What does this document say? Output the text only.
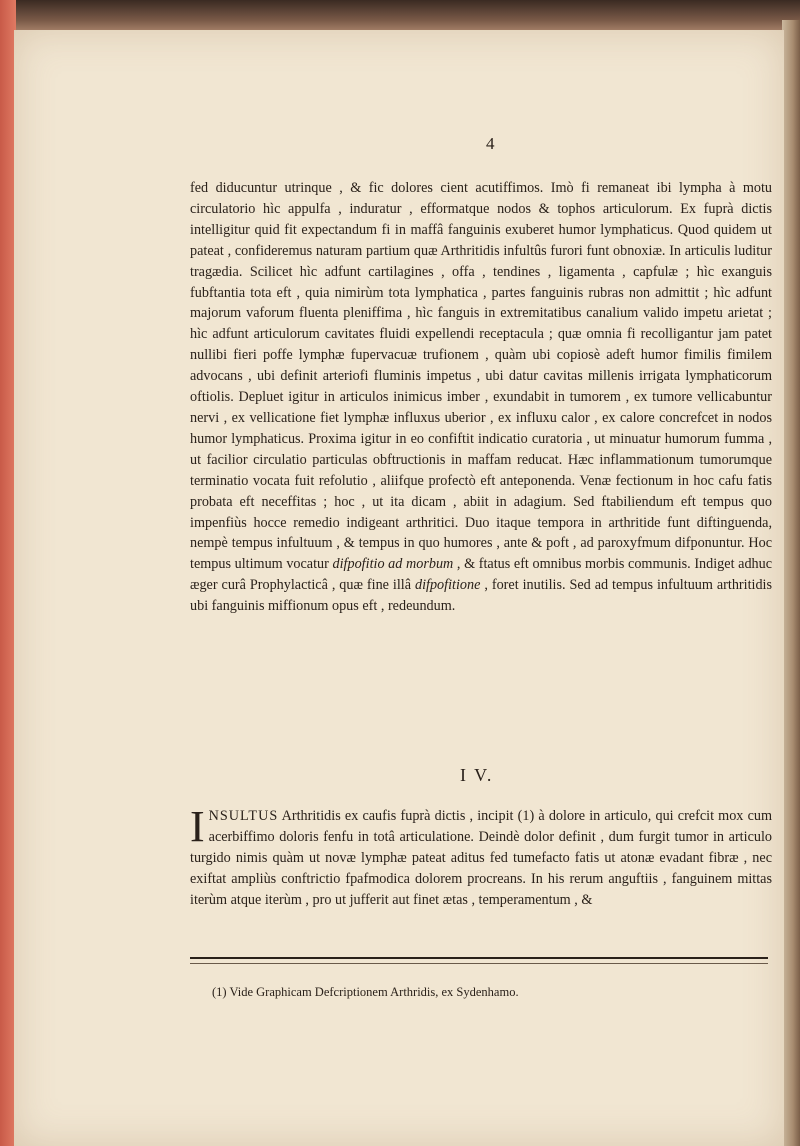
4
fed diducuntur utrinque , & fic dolores cient acutiffimos. Imò fi remaneat ibi lympha à motu circulatorio hìc appulfa , induratur , efformatque nodos & tophos articulorum. Ex fuprà dictis intelligitur quid fit expectandum fi in maffâ fanguinis exuberet humor lymphaticus. Quod quidem ut pateat , confideremus naturam partium quæ Arthritidis infultûs furori funt obnoxiæ. In articulis luditur tragædia. Scilicet hìc adfunt cartilagines , offa , tendines , ligamenta , capfulæ ; hìc exanguis fubftantia tota eft , quia nimirùm tota lymphatica , partes fanguinis rubras non admittit ; hìc adfunt majorum vaforum fluenta pleniffima , hìc fanguis in extremitatibus canalium valido impetu arietat ; hìc adfunt articulorum cavitates fluidi expellendi receptacula ; quæ omnia fi recolligantur jam patet nullibi fieri poffe lymphæ fupervacuæ trufionem , quàm ubi copiosè adeft humor fimilis fimilem advocans , ubi definit arteriofi fluminis impetus , ubi datur cavitas millenis irrigata lymphaticorum oftiolis. Depluet igitur in articulos inimicus imber , exundabit in tumorem , ex tumore vellicabuntur nervi , ex vellicatione fiet lymphæ influxus uberior , ex influxu calor , ex calore concrefcet in nodos humor lymphaticus. Proxima igitur in eo confiftit indicatio curatoria , ut minuatur humorum fumma , ut facilior circulatio particulas obftructionis in maffam reducat. Hæc inflammationum tumorumque terminatio vocata fuit refolutio , aliifque profectò eft anteponenda. Venæ fectionum in hoc cafu fatis probata eft neceffitas ; hoc , ut ita dicam , abiit in adagium. Sed ftabiliendum eft tempus quo impenfiùs hocce remedio indigeant arthritici. Duo itaque tempora in arthritide funt diftinguenda, nempè tempus infultuum , & tempus in quo humores , ante & poft , ad paroxyfmum difponuntur. Hoc tempus ultimum vocatur difpofitio ad morbum , & ftatus eft omnibus morbis communis. Indiget adhuc æger curâ Prophylacticâ , quæ fine illâ difpofitione , foret inutilis. Sed ad tempus infultuum arthritidis ubi fanguinis miffionum opus eft , redeundum.
I V.
I NSULTUS Arthritidis ex caufis fuprà dictis , incipit (1) à dolore in articulo, qui crefcit mox cum acerbiffimo doloris fenfu in totâ articulatione. Deindè dolor definit , dum furgit tumor in articulo turgido nimis quàm ut novæ lymphæ pateat aditus fed tumefacto fatis ut atonæ evadant fibræ , nec exiftat ampliùs conftrictio fpafmodica dolorem procreans. In his rerum anguftiis , fanguinem mittas iterùm atque iterùm , pro ut jufferit aut finet ætas , temperamentum , &
(1) Vide Graphicam Defcriptionem Arthridis, ex Sydenhamo.
